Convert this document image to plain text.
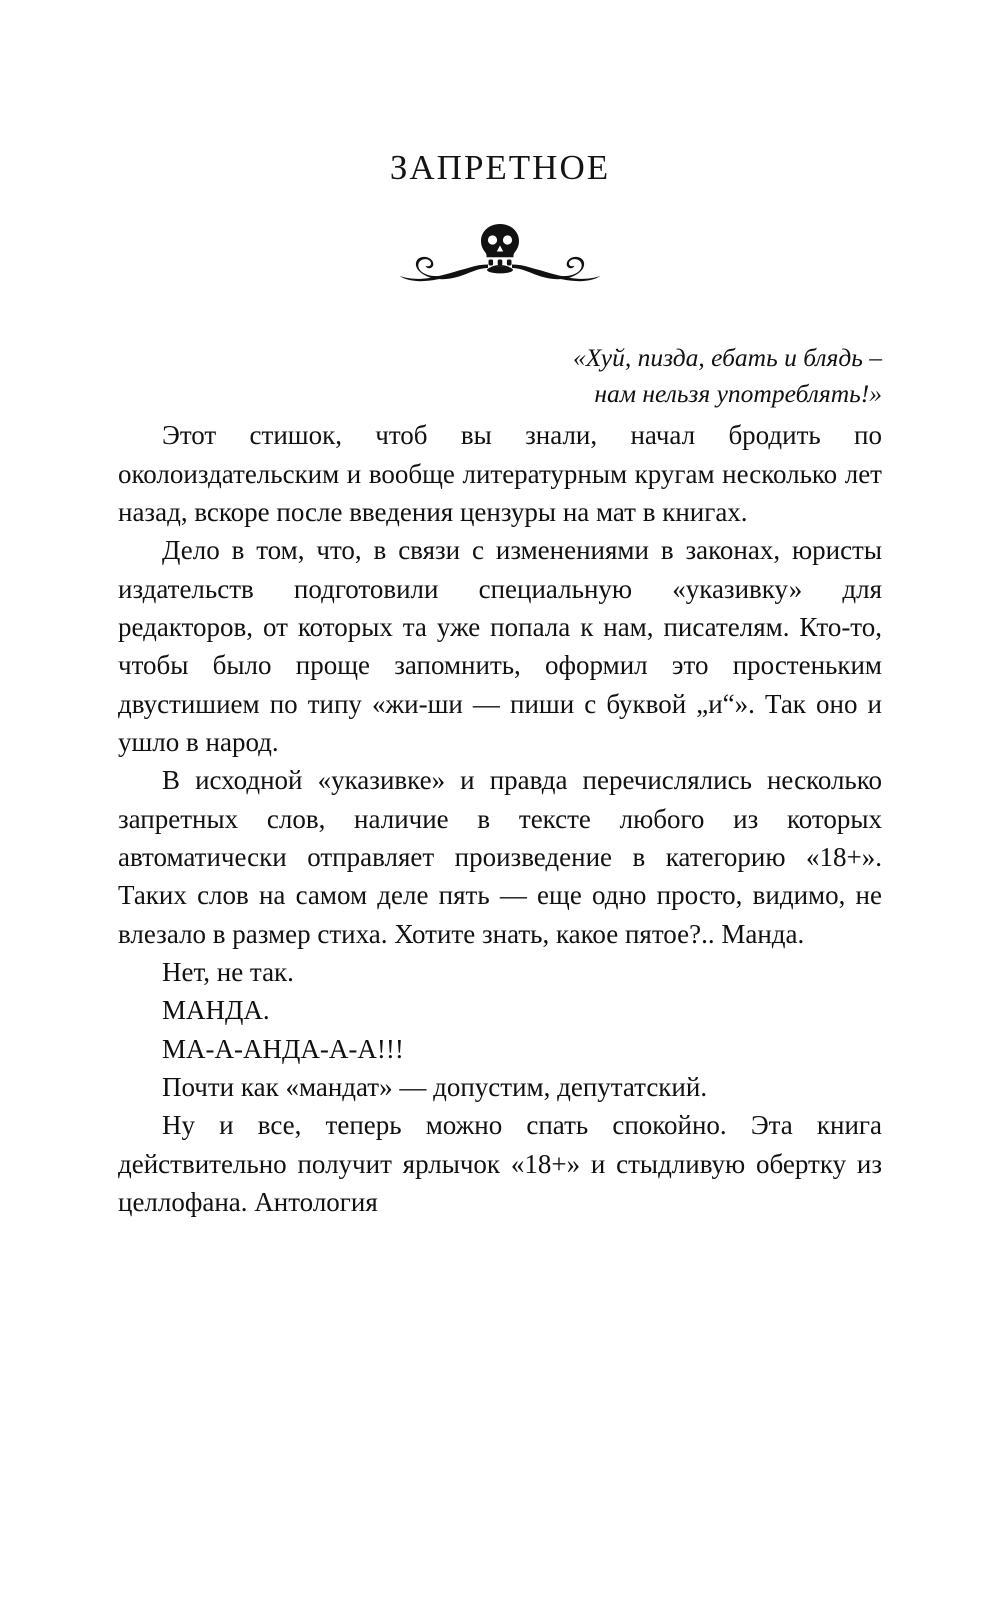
ЗАПРЕТНОЕ
«Хуй, пизда, ебать и блядь –
нам нельзя употреблять!»

Этот стишок, чтоб вы знали, начал бродить по околоиздательским и вообще литературным кругам несколько лет назад, вскоре после введения цензуры на мат в книгах.

Дело в том, что, в связи с изменениями в законах, юристы издательств подготовили специальную «указивку» для редакторов, от которых та уже попала к нам, писателям. Кто-то, чтобы было проще запомнить, оформил это простеньким двустишием по типу «жи-ши — пиши с буквой „и“». Так оно и ушло в народ.

В исходной «указивке» и правда перечислялись несколько запретных слов, наличие в тексте любого из которых автоматически отправляет произведение в категорию «18+». Таких слов на самом деле пять — еще одно просто, видимо, не влезало в размер стиха. Хотите знать, какое пятое?.. Манда.

Нет, не так.

МАНДА.

МА-А-АНДА-А-А!!!

Почти как «мандат» — допустим, депутатский.

Ну и все, теперь можно спать спокойно. Эта книга действительно получит ярлычок «18+» и стыдливую обертку из целлофана. Антология
